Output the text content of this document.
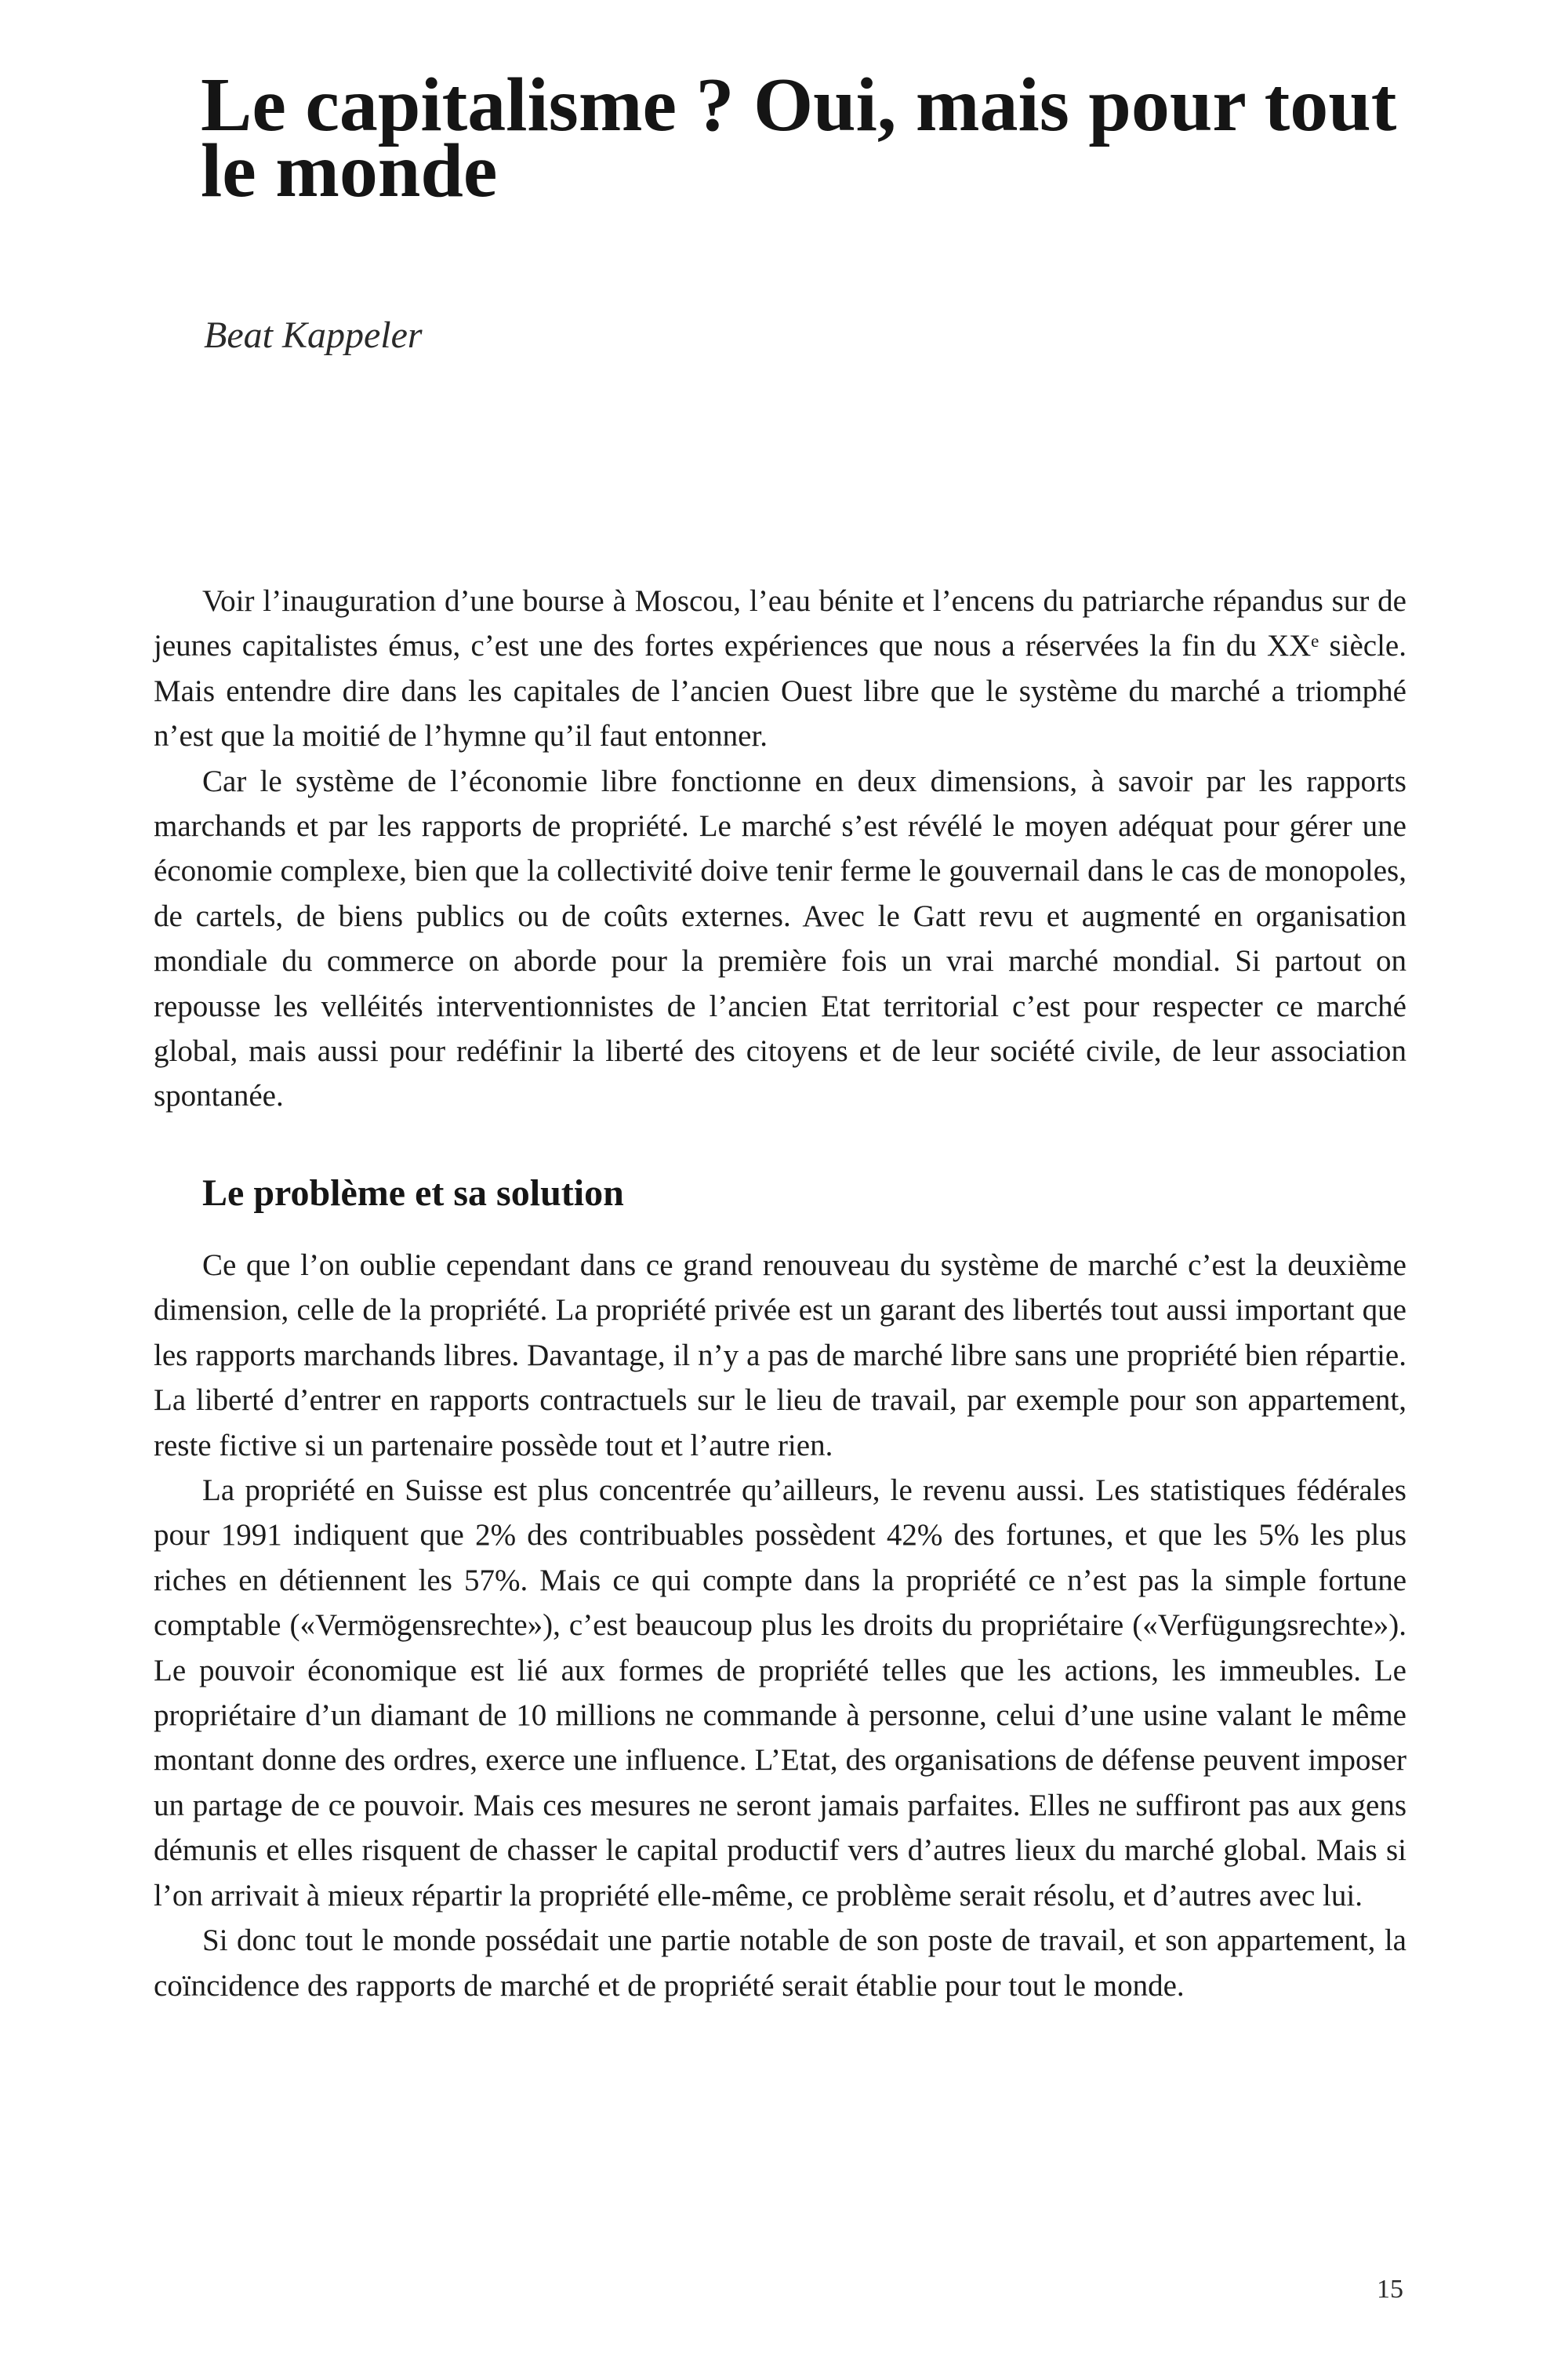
Le capitalisme ? Oui, mais pour tout le monde

Beat Kappeler

Voir l’inauguration d’une bourse à Moscou, l’eau bénite et l’encens du patriarche répandus sur de jeunes capitalistes émus, c’est une des fortes expériences que nous a réservées la fin du XXᵉ siècle. Mais entendre dire dans les capitales de l’ancien Ouest libre que le système du marché a triomphé n’est que la moitié de l’hymne qu’il faut entonner.

Car le système de l’économie libre fonctionne en deux dimensions, à savoir par les rapports marchands et par les rapports de propriété. Le marché s’est révélé le moyen adéquat pour gérer une économie complexe, bien que la collectivité doive tenir ferme le gouvernail dans le cas de monopoles, de cartels, de biens publics ou de coûts externes. Avec le Gatt revu et augmenté en organisation mondiale du commerce on aborde pour la première fois un vrai marché mondial. Si partout on repousse les velléités interventionnistes de l’ancien Etat territorial c’est pour respecter ce marché global, mais aussi pour redéfinir la liberté des citoyens et de leur société civile, de leur association spontanée.

Le problème et sa solution

Ce que l’on oublie cependant dans ce grand renouveau du système de marché c’est la deuxième dimension, celle de la propriété. La propriété privée est un garant des libertés tout aussi important que les rapports marchands libres. Davantage, il n’y a pas de marché libre sans une propriété bien répartie. La liberté d’entrer en rapports contractuels sur le lieu de travail, par exemple pour son appartement, reste fictive si un partenaire possède tout et l’autre rien.

La propriété en Suisse est plus concentrée qu’ailleurs, le revenu aussi. Les statistiques fédérales pour 1991 indiquent que 2% des contribuables possèdent 42% des fortunes, et que les 5% les plus riches en détiennent les 57%. Mais ce qui compte dans la propriété ce n’est pas la simple fortune comptable («Vermögensrechte»), c’est beaucoup plus les droits du propriétaire («Verfügungsrechte»). Le pouvoir économique est lié aux formes de propriété telles que les actions, les immeubles. Le propriétaire d’un diamant de 10 millions ne commande à personne, celui d’une usine valant le même montant donne des ordres, exerce une influence. L’Etat, des organisations de défense peuvent imposer un partage de ce pouvoir. Mais ces mesures ne seront jamais parfaites. Elles ne suffiront pas aux gens démunis et elles risquent de chasser le capital productif vers d’autres lieux du marché global. Mais si l’on arrivait à mieux répartir la propriété elle-même, ce problème serait résolu, et d’autres avec lui.

Si donc tout le monde possédait une partie notable de son poste de travail, et son appartement, la coïncidence des rapports de marché et de propriété serait établie pour tout le monde.

15
